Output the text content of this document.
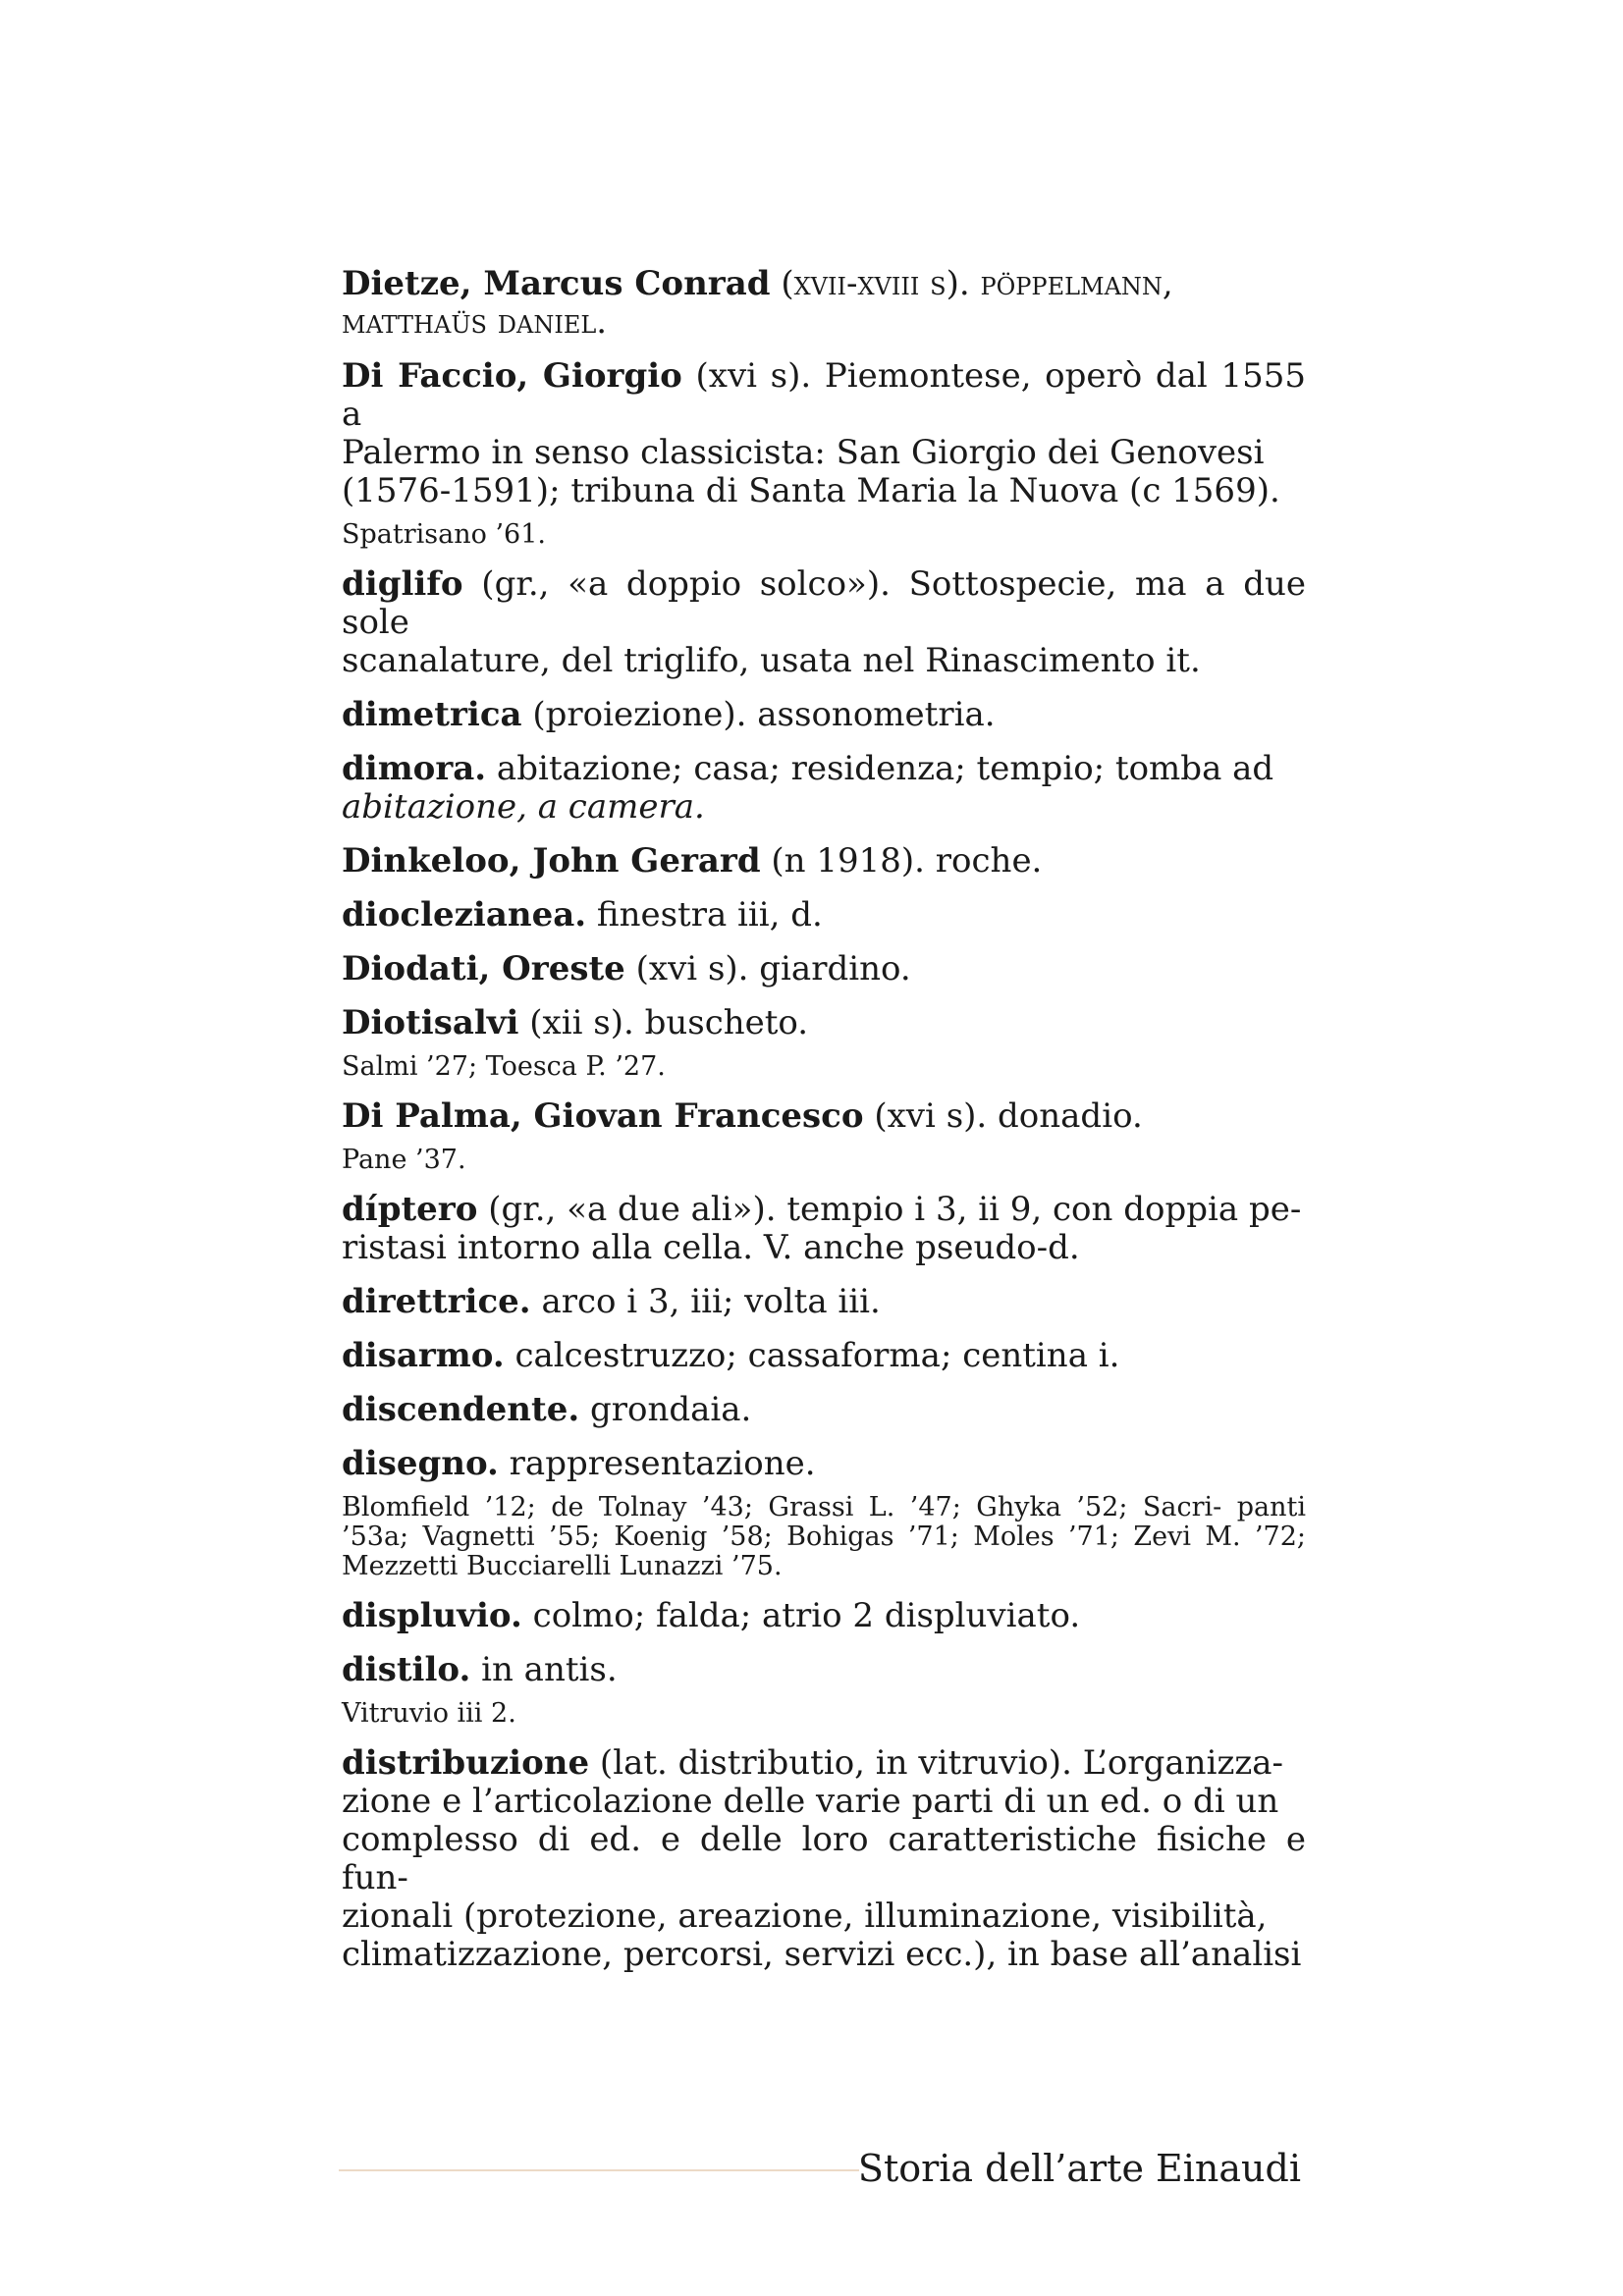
Dietze, Marcus Conrad (xvii-xviii s). pöppelmann,

matthaüs daniel.

Di Faccio, Giorgio (xvi s). Piemontese, operò dal 1555 a

Palermo in senso classicista: San Giorgio dei Genovesi

(1576-1591); tribuna di Santa Maria la Nuova (c 1569).

Spatrisano ’61.

diglifo (gr., «a doppio solco»). Sottospecie, ma a due sole

scanalature, del triglifo, usata nel Rinascimento it.

dimetrica (proiezione). assonometria.

dimora. abitazione; casa; residenza; tempio; tomba ad

abitazione, a camera.

Dinkeloo, John Gerard (n 1918). roche.

dioclezianea. finestra iii, d.

Diodati, Oreste (xvi s). giardino.

Diotisalvi (xii s). buscheto.

Salmi ’27; Toesca P. ’27.

Di Palma, Giovan Francesco (xvi s). donadio.

Pane ’37.

díptero (gr., «a due ali»). tempio i 3, ii 9, con doppia pe-

ristasi intorno alla cella. V. anche pseudo-d.

direttrice. arco i 3, iii; volta iii.

disarmo. calcestruzzo; cassaforma; centina i.

discendente. grondaia.

disegno. rappresentazione.

Blomfield ’12; de Tolnay ’43; Grassi L. ’47; Ghyka ’52; Sacri- panti ’53a; Vagnetti ’55; Koenig ’58; Bohigas ’71; Moles ’71; Zevi M. ’72; Mezzetti Bucciarelli Lunazzi ’75.

displuvio. colmo; falda; atrio 2 displuviato.

distilo. in antis.

Vitruvio iii 2.

distribuzione (lat. distributio, in vitruvio). L’organizza-

zione e l’articolazione delle varie parti di un ed. o di un

complesso di ed. e delle loro caratteristiche fisiche e fun-

zionali (protezione, areazione, illuminazione, visibilità,

climatizzazione, percorsi, servizi ecc.), in base all’analisi

Storia dell’arte Einaudi
